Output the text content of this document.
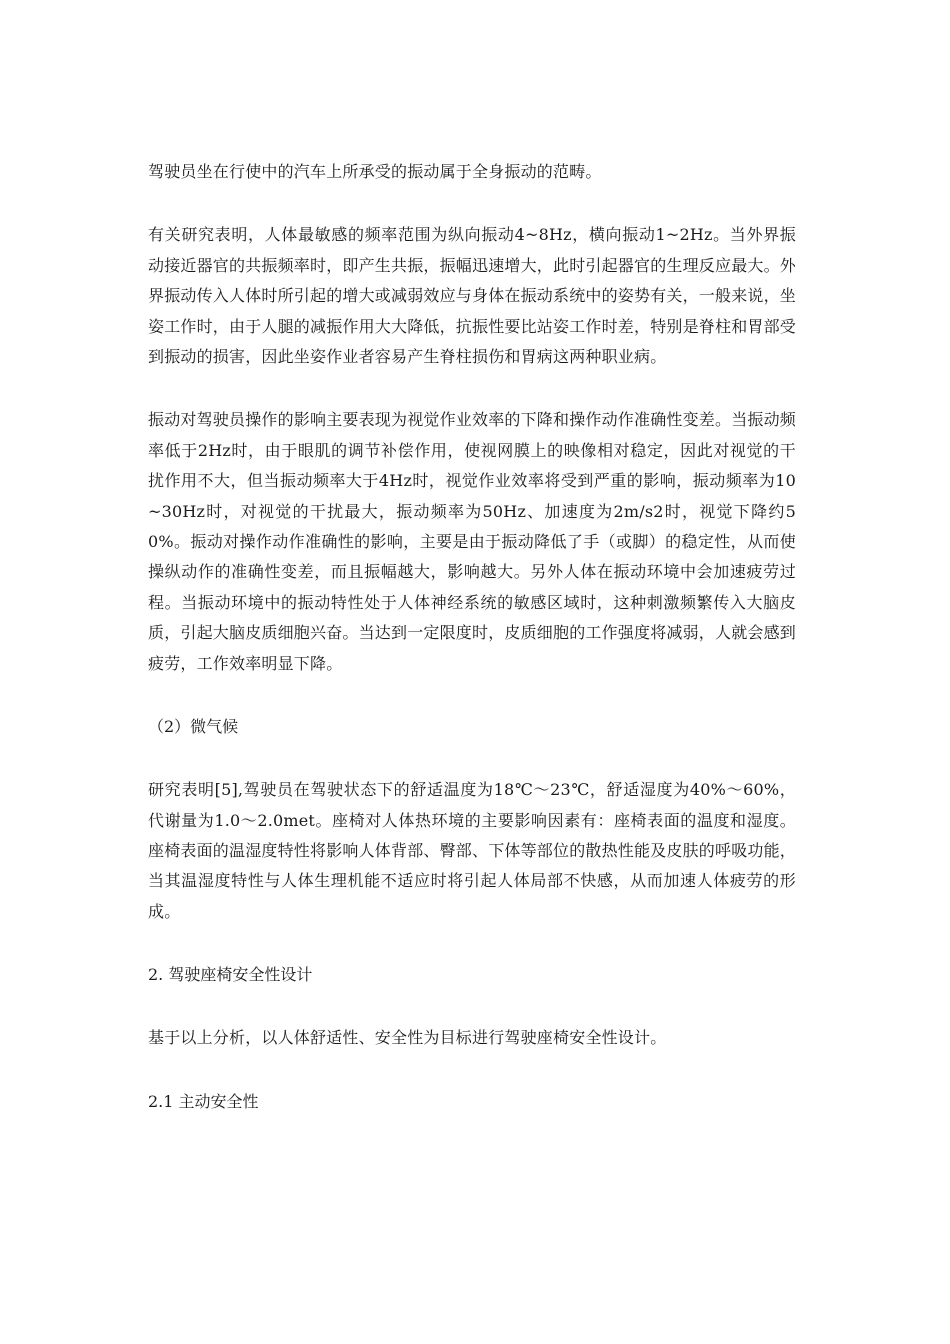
驾驶员坐在行使中的汽车上所承受的振动属于全身振动的范畴。

有关研究表明，人体最敏感的频率范围为纵向振动4~8Hz，横向振动1~2Hz。当外界振动接近器官的共振频率时，即产生共振，振幅迅速增大，此时引起器官的生理反应最大。外界振动传入人体时所引起的增大或减弱效应与身体在振动系统中的姿势有关，一般来说，坐姿工作时，由于人腿的减振作用大大降低，抗振性要比站姿工作时差，特别是脊柱和胃部受到振动的损害，因此坐姿作业者容易产生脊柱损伤和胃病这两种职业病。

振动对驾驶员操作的影响主要表现为视觉作业效率的下降和操作动作准确性变差。当振动频率低于2Hz时，由于眼肌的调节补偿作用，使视网膜上的映像相对稳定，因此对视觉的干扰作用不大，但当振动频率大于4Hz时，视觉作业效率将受到严重的影响，振动频率为10~30Hz时，对视觉的干扰最大，振动频率为50Hz、加速度为2m/s2时，视觉下降约50%。振动对操作动作准确性的影响，主要是由于振动降低了手（或脚）的稳定性，从而使操纵动作的准确性变差，而且振幅越大，影响越大。另外人体在振动环境中会加速疲劳过程。当振动环境中的振动特性处于人体神经系统的敏感区域时，这种刺激频繁传入大脑皮质，引起大脑皮质细胞兴奋。当达到一定限度时，皮质细胞的工作强度将减弱，人就会感到疲劳，工作效率明显下降。

（2）微气候

研究表明[5],驾驶员在驾驶状态下的舒适温度为18℃～23℃，舒适湿度为40%～60%，代谢量为1.0～2.0met。座椅对人体热环境的主要影响因素有：座椅表面的温度和湿度。座椅表面的温湿度特性将影响人体背部、臀部、下体等部位的散热性能及皮肤的呼吸功能，当其温湿度特性与人体生理机能不适应时将引起人体局部不快感，从而加速人体疲劳的形成。

2. 驾驶座椅安全性设计

基于以上分析，以人体舒适性、安全性为目标进行驾驶座椅安全性设计。

2.1 主动安全性
